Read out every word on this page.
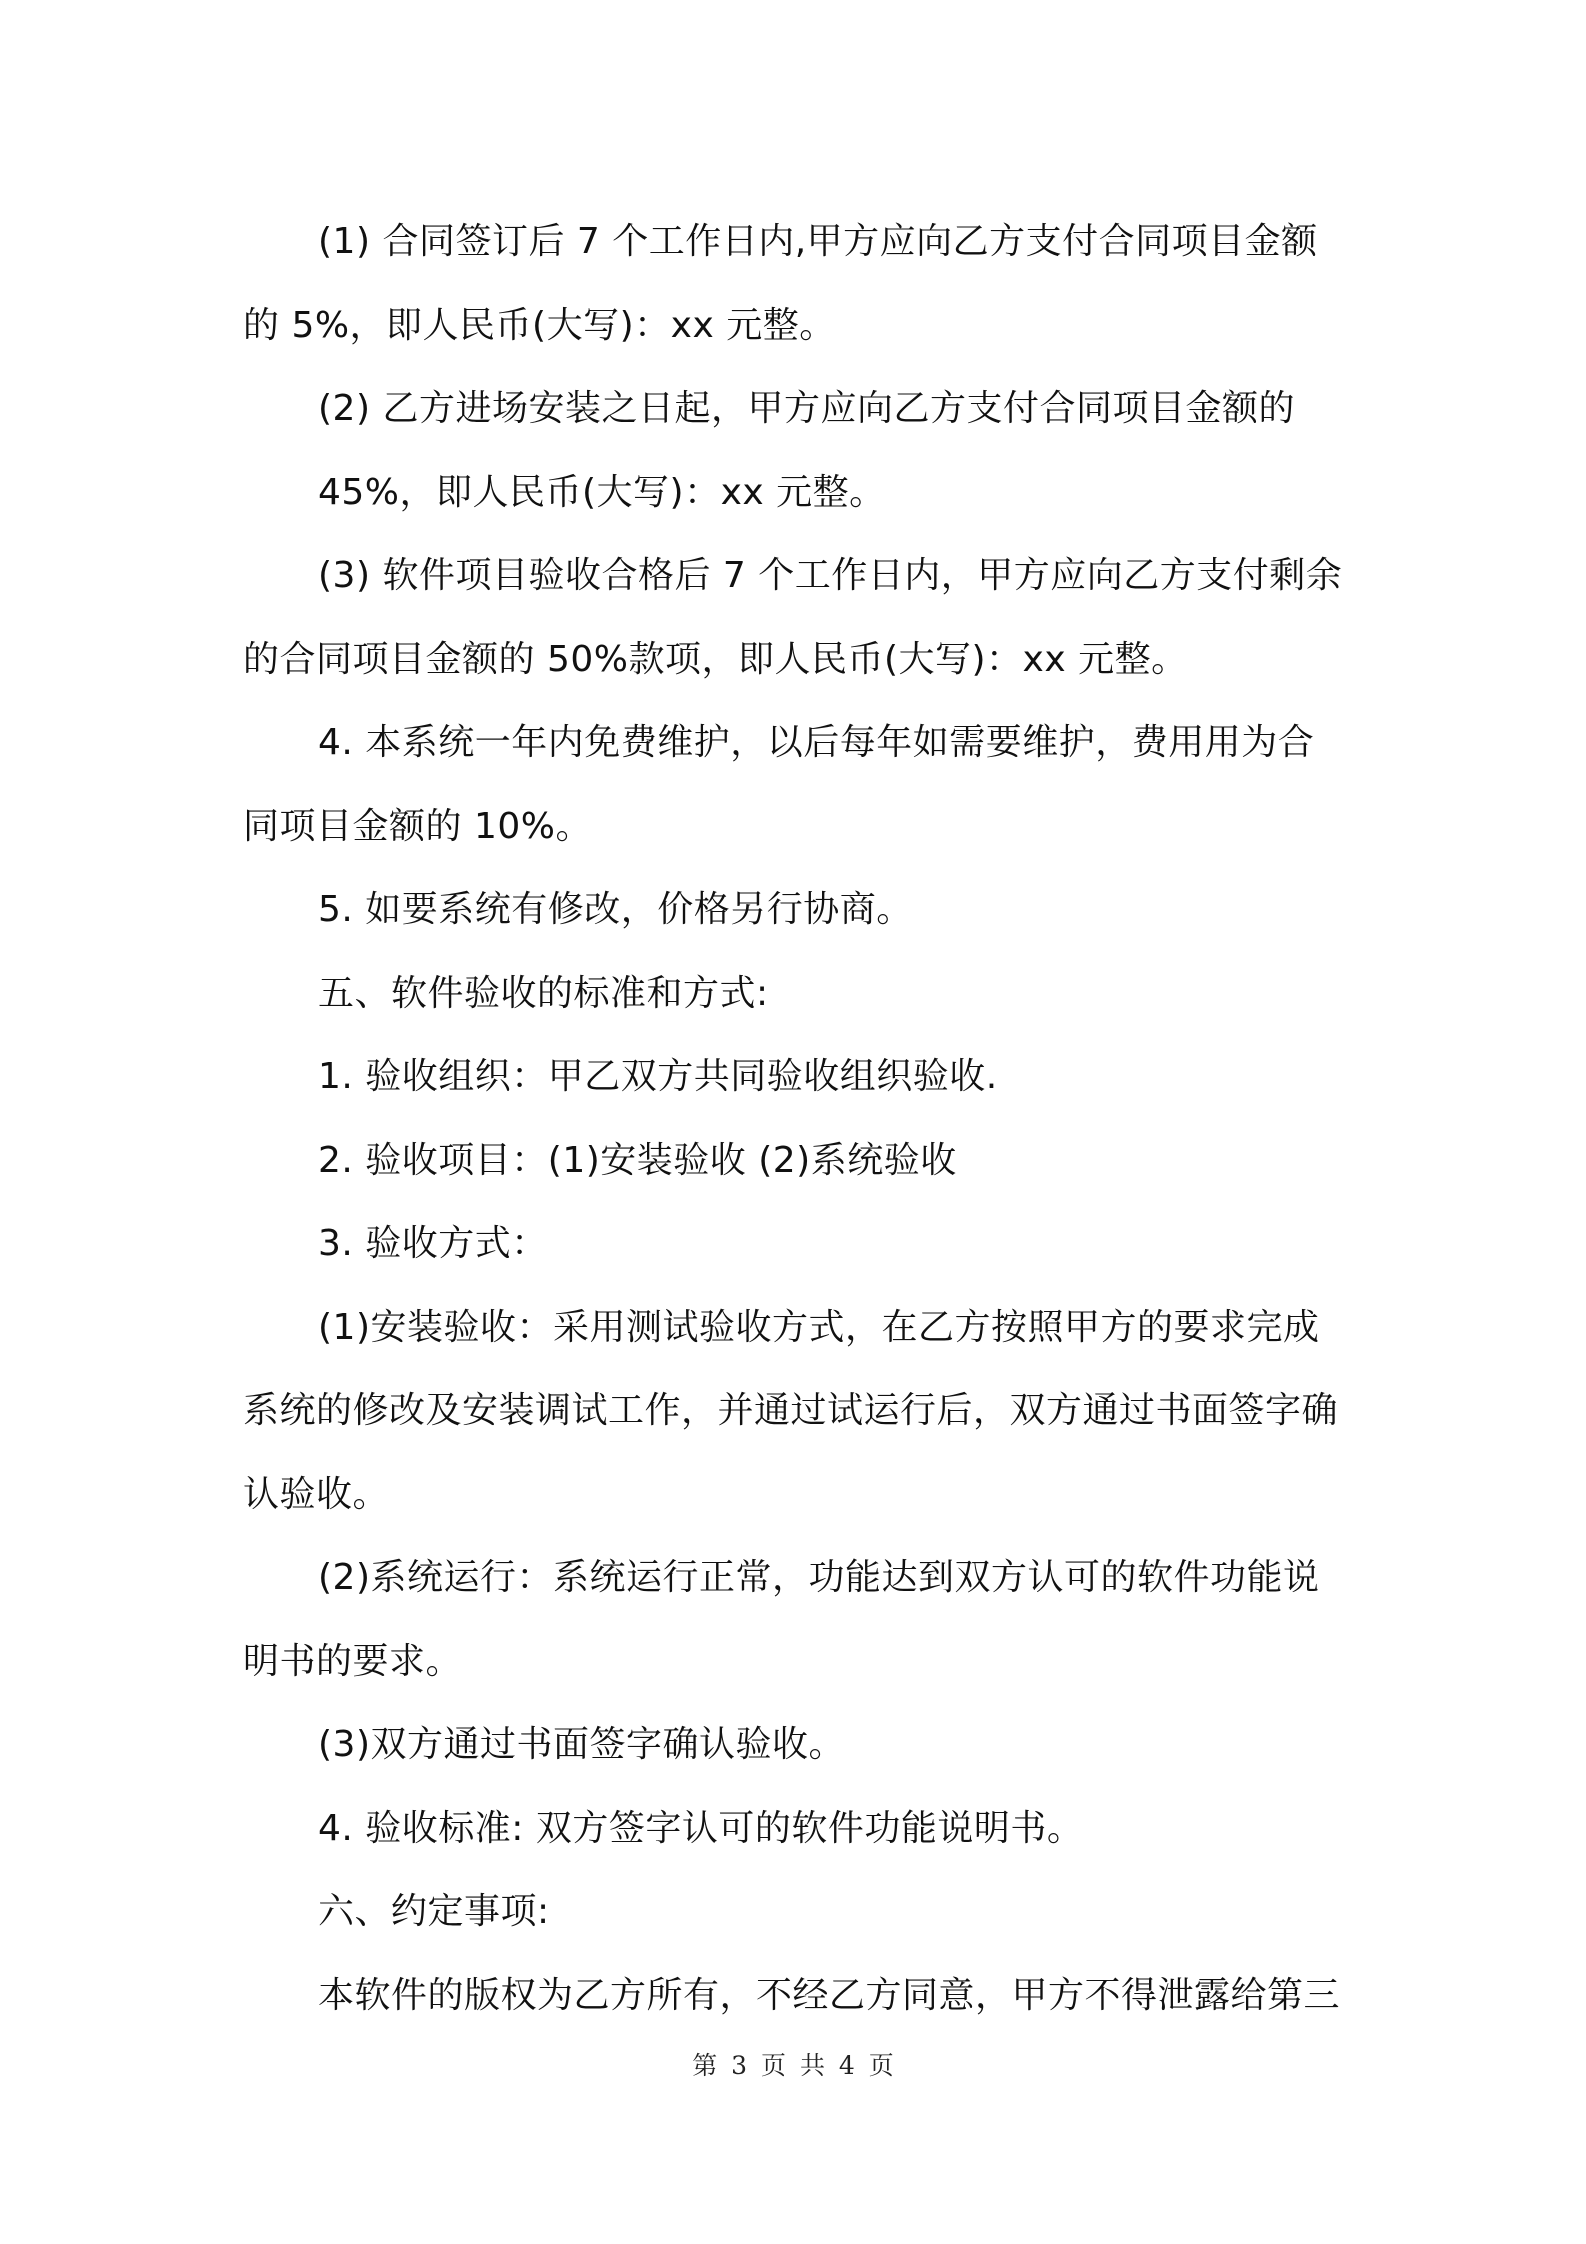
(1) 合同签订后 7 个工作日内,甲方应向乙方支付合同项目金额
的 5%，即人民币(大写)：xx 元整。
(2) 乙方进场安装之日起，甲方应向乙方支付合同项目金额的
45%，即人民币(大写)：xx 元整。
(3) 软件项目验收合格后 7 个工作日内，甲方应向乙方支付剩余
的合同项目金额的 50%款项，即人民币(大写)：xx 元整。
4. 本系统一年内免费维护，以后每年如需要维护，费用用为合
同项目金额的 10%。
5. 如要系统有修改，价格另行协商。
五、软件验收的标准和方式:
1. 验收组织：甲乙双方共同验收组织验收.
2. 验收项目：(1)安装验收 (2)系统验收
3. 验收方式：
(1)安装验收：采用测试验收方式，在乙方按照甲方的要求完成
系统的修改及安装调试工作，并通过试运行后，双方通过书面签字确
认验收。
(2)系统运行：系统运行正常，功能达到双方认可的软件功能说
明书的要求。
(3)双方通过书面签字确认验收。
4. 验收标准: 双方签字认可的软件功能说明书。
六、约定事项:
本软件的版权为乙方所有，不经乙方同意，甲方不得泄露给第三
第 3 页 共 4 页
